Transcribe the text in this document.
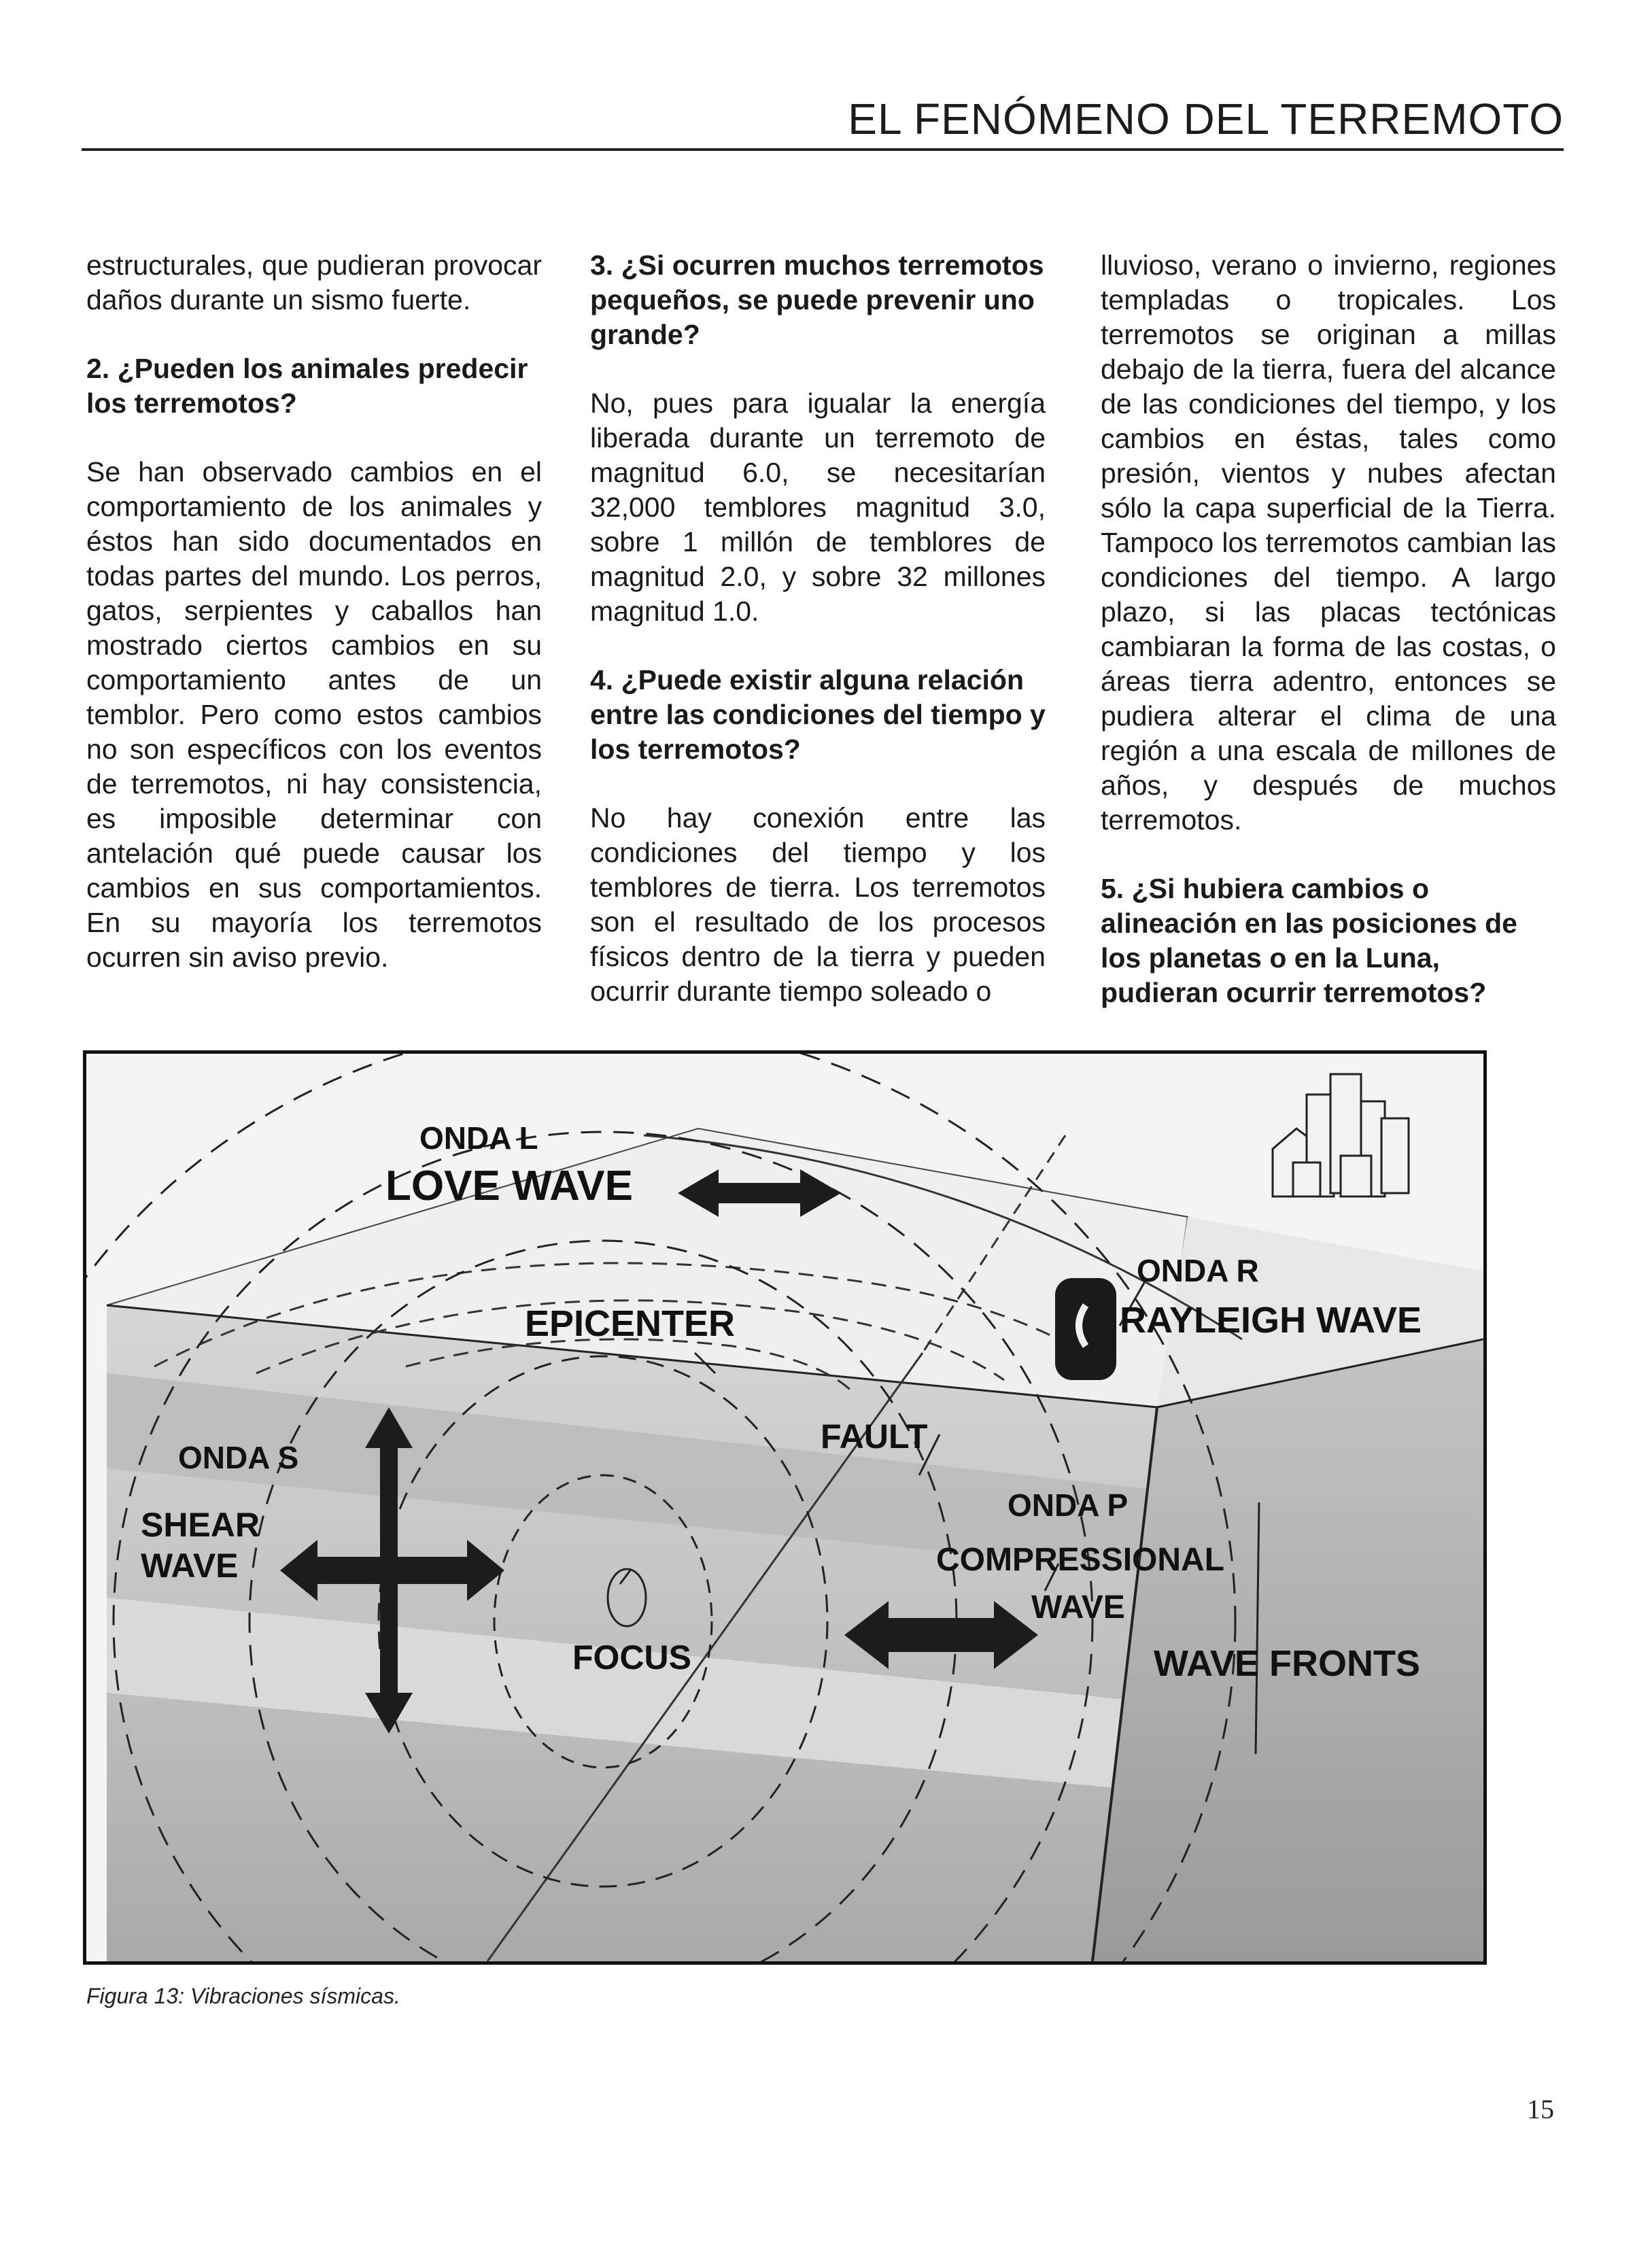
EL FENÓMENO DEL TERREMOTO

estructurales, que pudieran provocar daños durante un sismo fuerte.

2. ¿Pueden los animales predecir los terremotos?

Se han observado cambios en el comportamiento de los animales y éstos han sido documentados en todas partes del mundo. Los perros, gatos, serpientes y caballos han mostrado ciertos cambios en su comportamiento antes de un temblor. Pero como estos cambios no son específicos con los eventos de terremotos, ni hay consistencia, es imposible determinar con antelación qué puede causar los cambios en sus comportamientos. En su mayoría los terremotos ocurren sin aviso previo.

3. ¿Si ocurren muchos terremotos pequeños, se puede prevenir uno grande?

No, pues para igualar la energía liberada durante un terremoto de magnitud 6.0, se necesitarían 32,000 temblores magnitud 3.0, sobre 1 millón de temblores de magnitud 2.0, y sobre 32 millones magnitud 1.0.

4. ¿Puede existir alguna relación entre las condiciones del tiempo y los terremotos?

No hay conexión entre las condiciones del tiempo y los temblores de tierra. Los terremotos son el resultado de los procesos físicos dentro de la tierra y pueden ocurrir durante tiempo soleado o

lluvioso, verano o invierno, regiones templadas o tropicales. Los terremotos se originan a millas debajo de la tierra, fuera del alcance de las condiciones del tiempo, y los cambios en éstas, tales como presión, vientos y nubes afectan sólo la capa superficial de la Tierra. Tampoco los terremotos cambian las condiciones del tiempo. A largo plazo, si las placas tectónicas cambiaran la forma de las costas, o áreas tierra adentro, entonces se pudiera alterar el clima de una región a una escala de millones de años, y después de muchos terremotos.

5. ¿Si hubiera cambios o alineación en las posiciones de los planetas o en la Luna, pudieran ocurrir terremotos?
ONDA L
LOVE WAVE
EPICENTER
ONDA R
RAYLEIGH WAVE
ONDA S
SHEAR
WAVE
FAULT
ONDA P
COMPRESSIONAL
WAVE
FOCUS	WAVE FRONTS
Figura 13: Vibraciones sísmicas.
15
